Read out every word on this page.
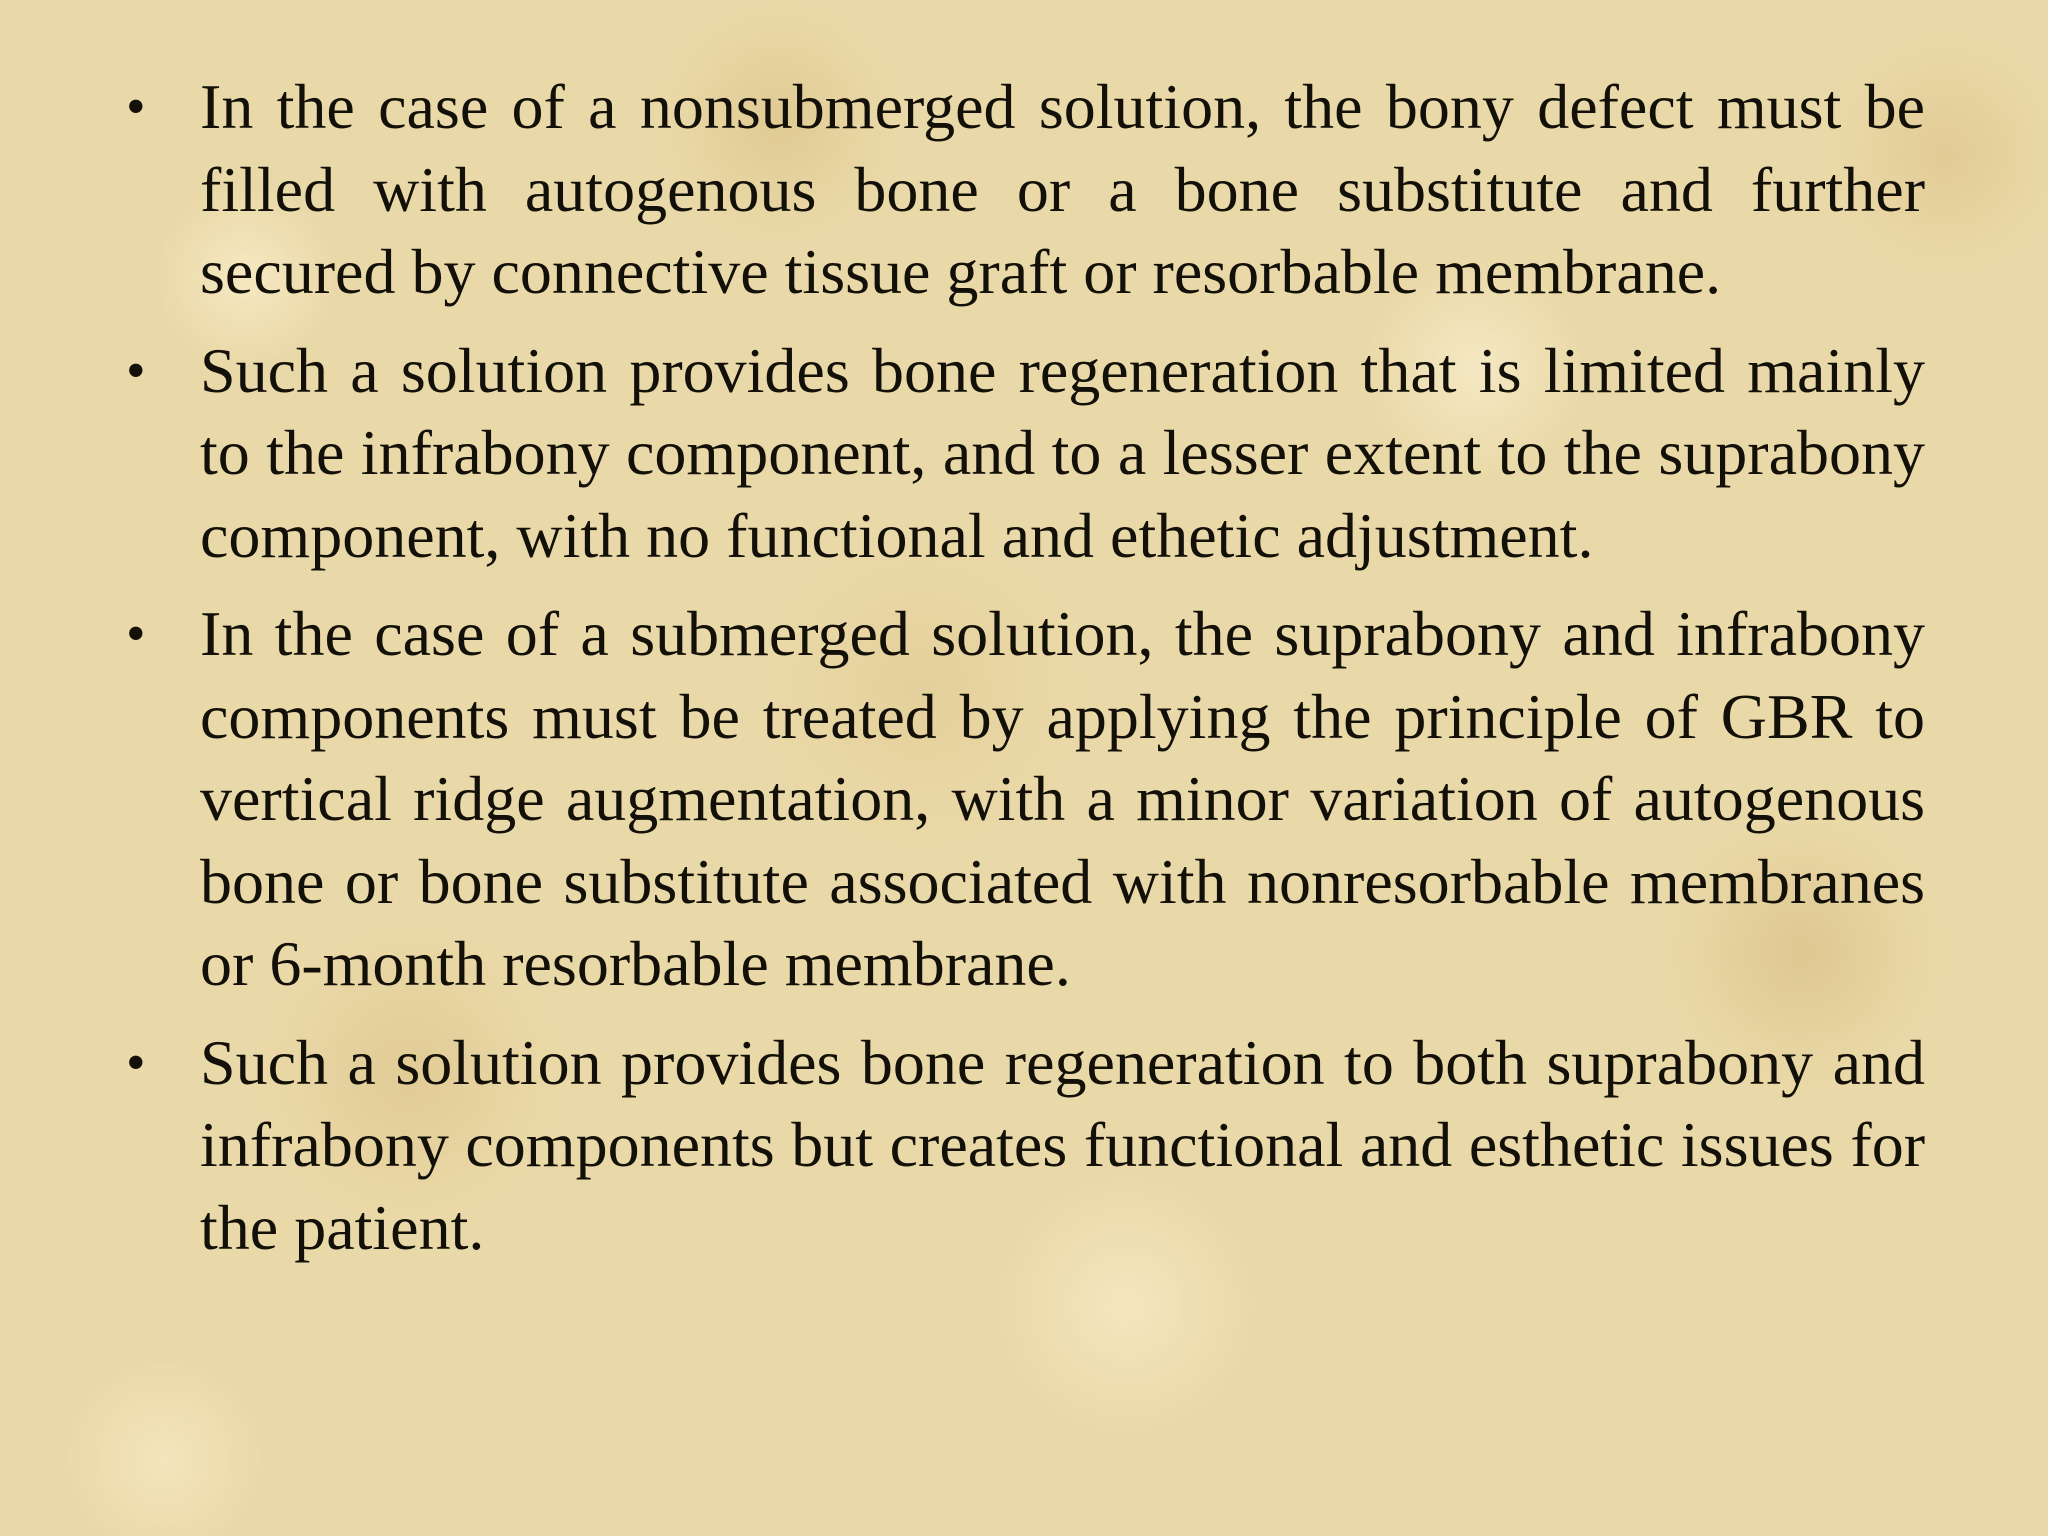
• In the case of a nonsubmerged solution, the bony defect must be filled with autogenous bone or a bone substitute and further secured by connective tissue graft or resorbable membrane.
• Such a solution provides bone regeneration that is limited mainly to the infrabony component, and to a lesser extent to the suprabony component, with no functional and ethetic adjustment.
• In the case of a submerged solution, the suprabony and infrabony components must be treated by applying the principle of GBR to vertical ridge augmentation, with a minor variation of autogenous bone or bone substitute associated with nonresorbable membranes or 6-month resorbable membrane.
• Such a solution provides bone regeneration to both suprabony and infrabony components but creates functional and esthetic issues for the patient.
